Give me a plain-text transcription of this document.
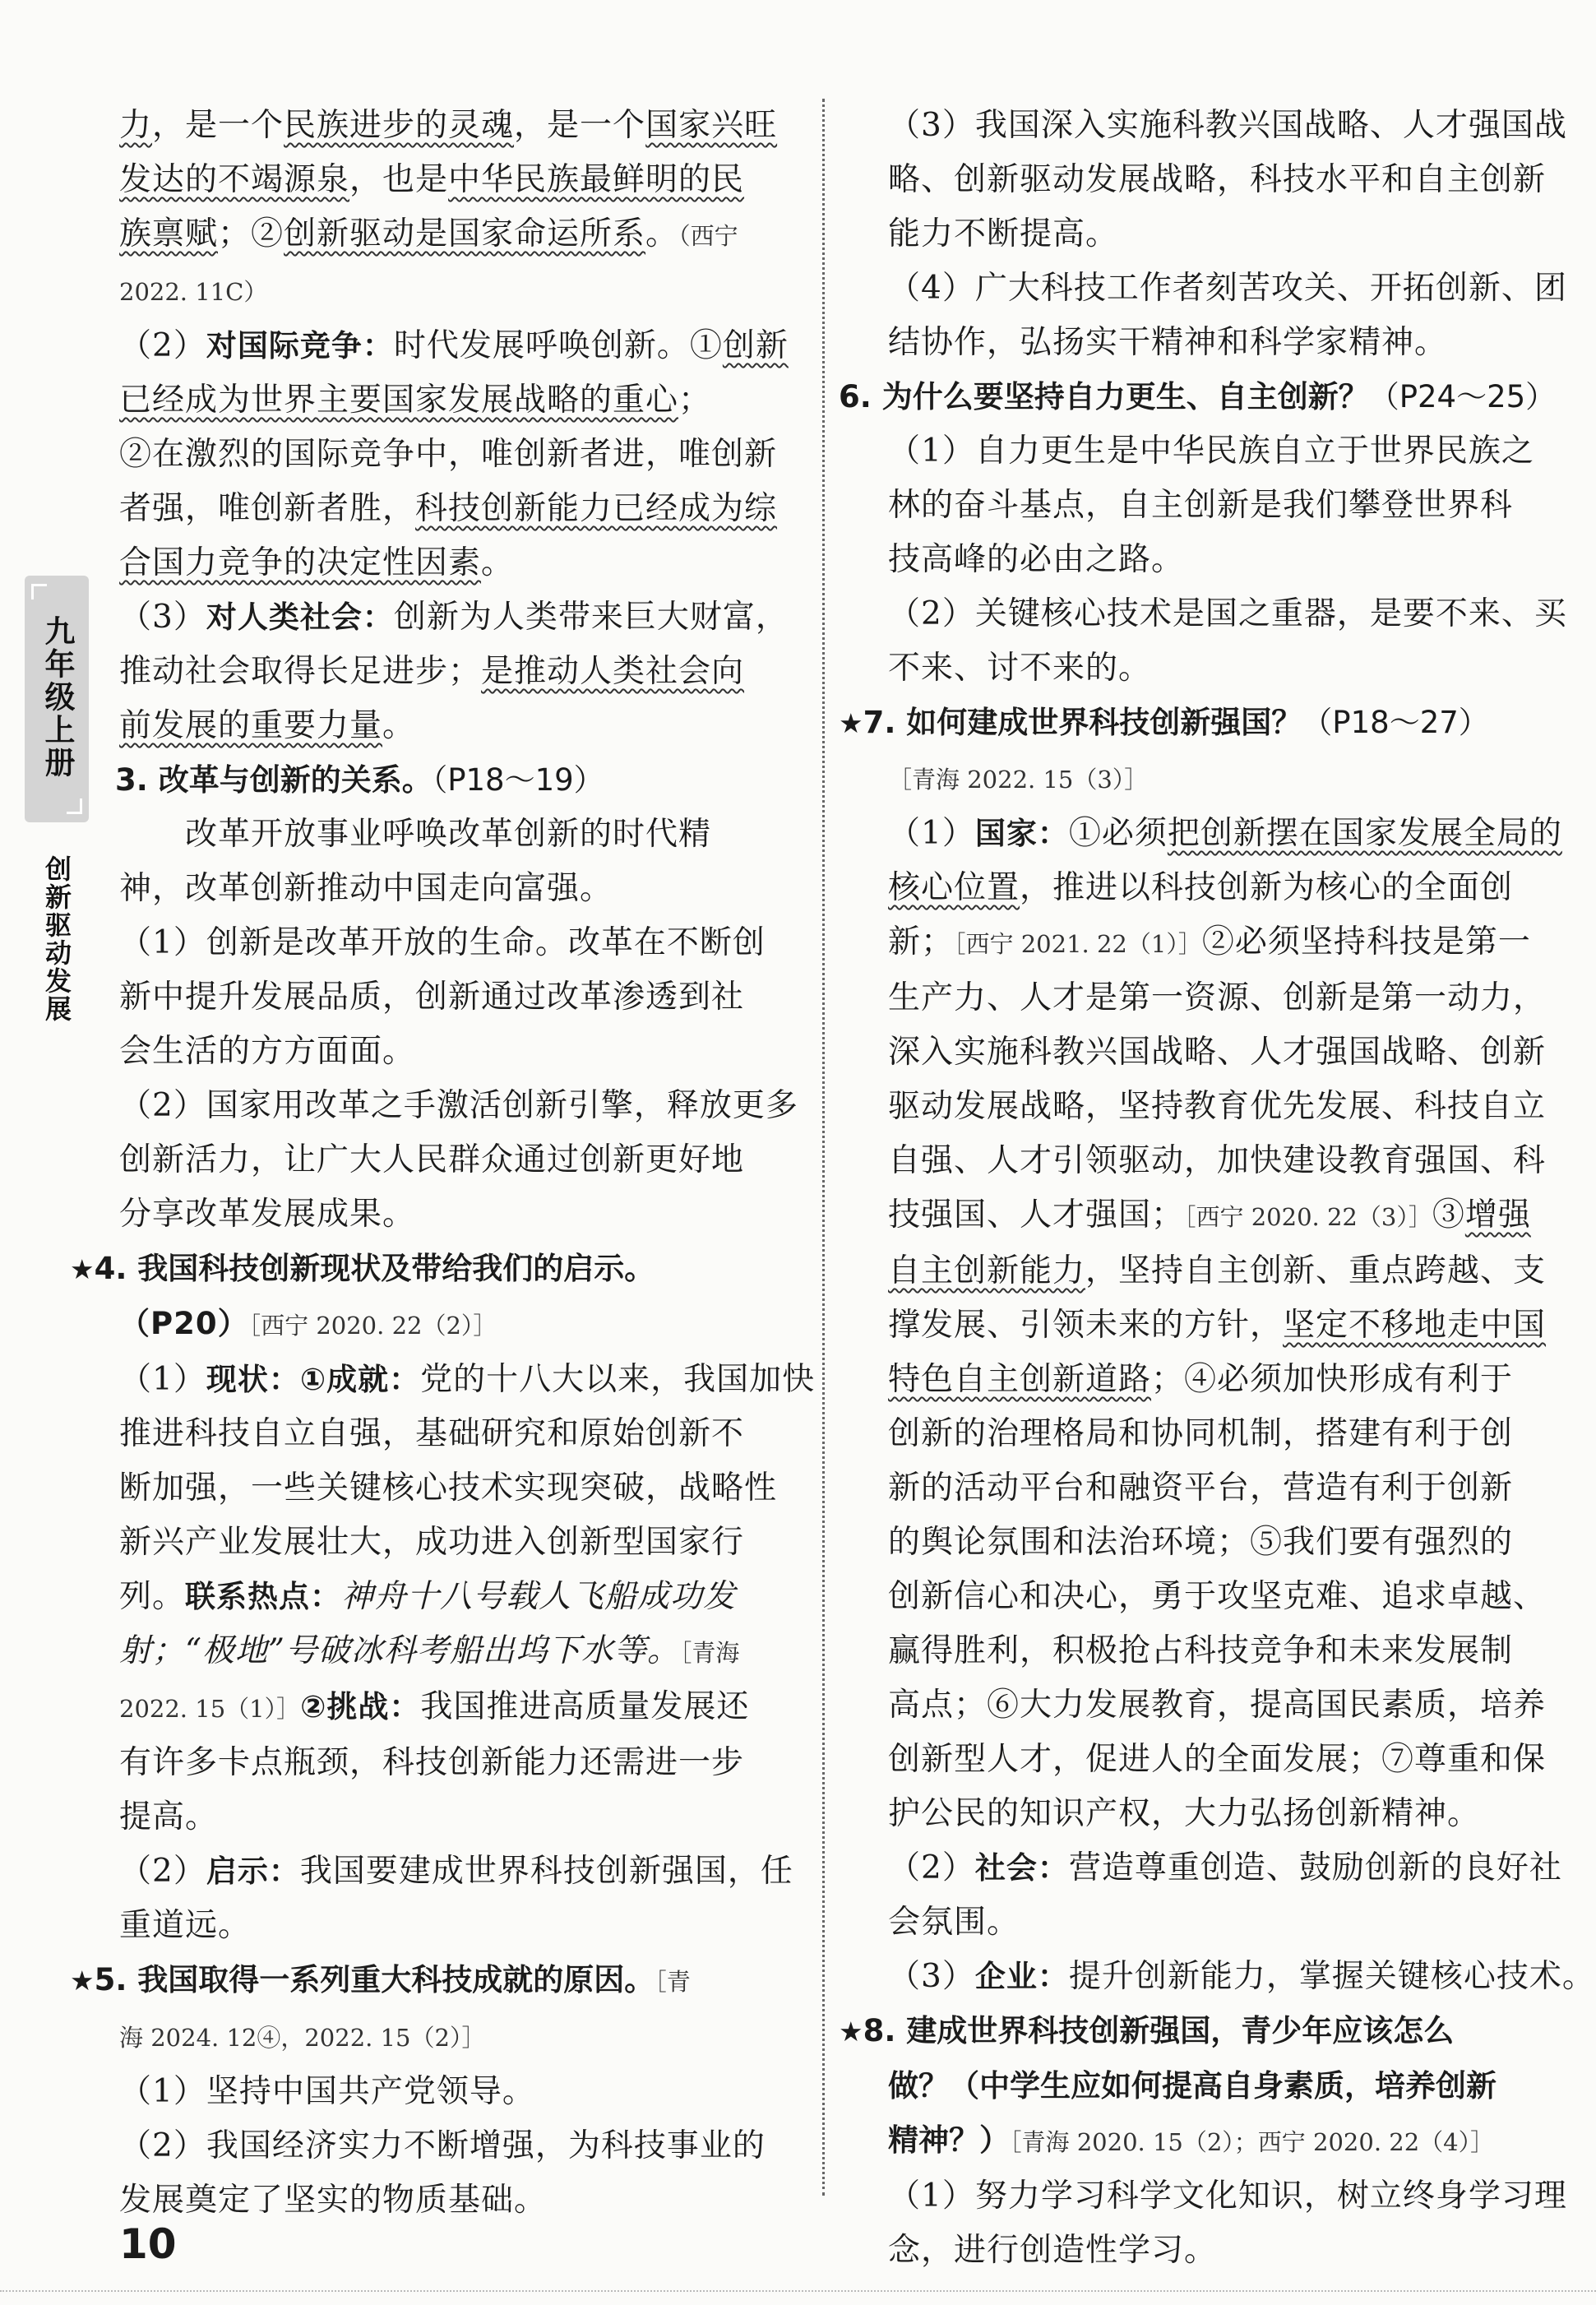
九年级上册
创新驱动发展
力，是一个民族进步的灵魂，是一个国家兴旺
发达的不竭源泉，也是中华民族最鲜明的民
族禀赋；②创新驱动是国家命运所系。（西宁
2022. 11C）
（2）对国际竞争：时代发展呼唤创新。①创新
已经成为世界主要国家发展战略的重心；
②在激烈的国际竞争中，唯创新者进，唯创新
者强，唯创新者胜，科技创新能力已经成为综
合国力竞争的决定性因素。
（3）对人类社会：创新为人类带来巨大财富，
推动社会取得长足进步；是推动人类社会向
前发展的重要力量。
3. 改革与创新的关系。（P18～19）
改革开放事业呼唤改革创新的时代精
神，改革创新推动中国走向富强。
（1）创新是改革开放的生命。改革在不断创
新中提升发展品质，创新通过改革渗透到社
会生活的方方面面。
（2）国家用改革之手激活创新引擎，释放更多
创新活力，让广大人民群众通过创新更好地
分享改革发展成果。
★4. 我国科技创新现状及带给我们的启示。
（P20）［西宁 2020. 22（2）］
（1）现状：①成就：党的十八大以来，我国加快
推进科技自立自强，基础研究和原始创新不
断加强，一些关键核心技术实现突破，战略性
新兴产业发展壮大，成功进入创新型国家行
列。联系热点：神舟十八号载人飞船成功发
射；“极地”号破冰科考船出坞下水等。［青海
2022. 15（1）］②挑战：我国推进高质量发展还
有许多卡点瓶颈，科技创新能力还需进一步
提高。
（2）启示：我国要建成世界科技创新强国，任
重道远。
★5. 我国取得一系列重大科技成就的原因。［青
海 2024. 12④，2022. 15（2）］
（1）坚持中国共产党领导。
（2）我国经济实力不断增强，为科技事业的
发展奠定了坚实的物质基础。
（3）我国深入实施科教兴国战略、人才强国战
略、创新驱动发展战略，科技水平和自主创新
能力不断提高。
（4）广大科技工作者刻苦攻关、开拓创新、团
结协作，弘扬实干精神和科学家精神。
6. 为什么要坚持自力更生、自主创新？（P24～25）
（1）自力更生是中华民族自立于世界民族之
林的奋斗基点，自主创新是我们攀登世界科
技高峰的必由之路。
（2）关键核心技术是国之重器，是要不来、买
不来、讨不来的。
★7. 如何建成世界科技创新强国？（P18～27）
［青海 2022. 15（3）］
（1）国家：①必须把创新摆在国家发展全局的
核心位置，推进以科技创新为核心的全面创
新；［西宁 2021. 22（1）］②必须坚持科技是第一
生产力、人才是第一资源、创新是第一动力，
深入实施科教兴国战略、人才强国战略、创新
驱动发展战略，坚持教育优先发展、科技自立
自强、人才引领驱动，加快建设教育强国、科
技强国、人才强国；［西宁 2020. 22（3）］③增强
自主创新能力，坚持自主创新、重点跨越、支
撑发展、引领未来的方针，坚定不移地走中国
特色自主创新道路；④必须加快形成有利于
创新的治理格局和协同机制，搭建有利于创
新的活动平台和融资平台，营造有利于创新
的舆论氛围和法治环境；⑤我们要有强烈的
创新信心和决心，勇于攻坚克难、追求卓越、
赢得胜利，积极抢占科技竞争和未来发展制
高点；⑥大力发展教育，提高国民素质，培养
创新型人才，促进人的全面发展；⑦尊重和保
护公民的知识产权，大力弘扬创新精神。
（2）社会：营造尊重创造、鼓励创新的良好社
会氛围。
（3）企业：提升创新能力，掌握关键核心技术。
★8. 建成世界科技创新强国，青少年应该怎么
做？（中学生应如何提高自身素质，培养创新
精神？）［青海 2020. 15（2）；西宁 2020. 22（4）］
（1）努力学习科学文化知识，树立终身学习理
念，进行创造性学习。
10
